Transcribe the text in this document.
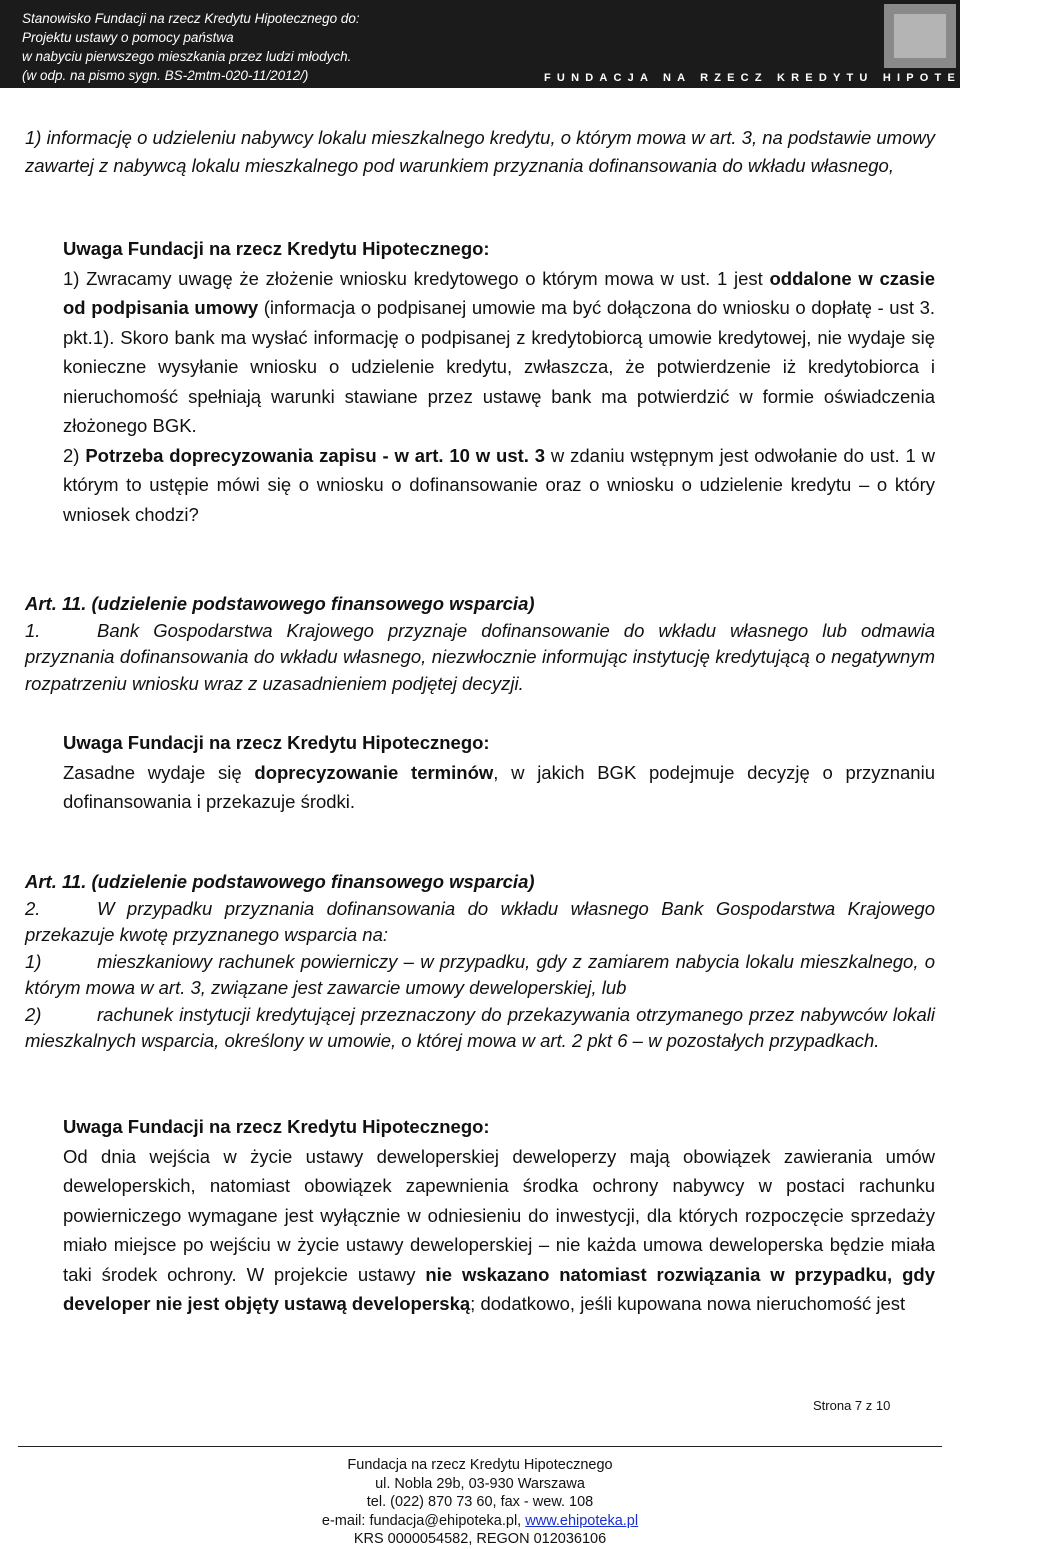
Stanowisko Fundacji na rzecz Kredytu Hipotecznego do:
Projektu ustawy o pomocy państwa
w nabyciu pierwszego mieszkania przez ludzi młodych.
(w odp. na pismo sygn. BS-2mtm-020-11/2012/)	FUNDACJA NA RZECZ KREDYTU HIPOTECZNEGO

1) informację o udzieleniu nabywcy lokalu mieszkalnego kredytu, o którym mowa w art. 3, na podstawie umowy zawartej z nabywcą lokalu mieszkalnego pod warunkiem przyznania dofinansowania do wkładu własnego,

Uwaga Fundacji na rzecz Kredytu Hipotecznego:

1) Zwracamy uwagę że złożenie wniosku kredytowego o którym mowa w ust. 1 jest oddalone w czasie od podpisania umowy (informacja o podpisanej umowie ma być dołączona do wniosku o dopłatę - ust 3. pkt.1). Skoro bank ma wysłać informację o podpisanej z kredytobiorcą umowie kredytowej, nie wydaje się konieczne wysyłanie wniosku o udzielenie kredytu, zwłaszcza, że potwierdzenie iż kredytobiorca i nieruchomość spełniają warunki stawiane przez ustawę bank ma potwierdzić w formie oświadczenia złożonego BGK.

2) Potrzeba doprecyzowania zapisu - w art. 10 w ust. 3 w zdaniu wstępnym jest odwołanie do ust. 1 w którym to ustępie mówi się o wniosku o dofinansowanie oraz o wniosku o udzielenie kredytu – o który wniosek chodzi?

Art. 11. (udzielenie podstawowego finansowego wsparcia)

1.	Bank Gospodarstwa Krajowego przyznaje dofinansowanie do wkładu własnego lub odmawia przyznania dofinansowania do wkładu własnego, niezwłocznie informując instytucję kredytującą o negatywnym rozpatrzeniu wniosku wraz z uzasadnieniem podjętej decyzji.

Uwaga Fundacji na rzecz Kredytu Hipotecznego:

Zasadne wydaje się doprecyzowanie terminów, w jakich BGK podejmuje decyzję o przyznaniu dofinansowania i przekazuje środki.

Art. 11. (udzielenie podstawowego finansowego wsparcia)

2.	W przypadku przyznania dofinansowania do wkładu własnego Bank Gospodarstwa Krajowego przekazuje kwotę przyznanego wsparcia na:

1)	mieszkaniowy rachunek powierniczy – w przypadku, gdy z zamiarem nabycia lokalu mieszkalnego, o którym mowa w art. 3, związane jest zawarcie umowy deweloperskiej, lub

2)	rachunek instytucji kredytującej przeznaczony do przekazywania otrzymanego przez nabywców lokali mieszkalnych wsparcia, określony w umowie, o której mowa w art. 2 pkt 6 – w pozostałych przypadkach.

Uwaga Fundacji na rzecz Kredytu Hipotecznego:

Od dnia wejścia w życie ustawy deweloperskiej deweloperzy mają obowiązek zawierania umów deweloperskich, natomiast obowiązek zapewnienia środka ochrony nabywcy w postaci rachunku powierniczego wymagane jest wyłącznie w odniesieniu do inwestycji, dla których rozpoczęcie sprzedaży miało miejsce po wejściu w życie ustawy deweloperskiej – nie każda umowa deweloperska będzie miała taki środek ochrony. W projekcie ustawy nie wskazano natomiast rozwiązania w przypadku, gdy developer nie jest objęty ustawą developerską; dodatkowo, jeśli kupowana nowa nieruchomość jest

Strona 7 z 10
Fundacja na rzecz Kredytu Hipotecznego
ul. Nobla 29b, 03-930 Warszawa
tel. (022) 870 73 60, fax - wew. 108
e-mail: fundacja@ehipoteka.pl, www.ehipoteka.pl
KRS 0000054582, REGON 012036106
